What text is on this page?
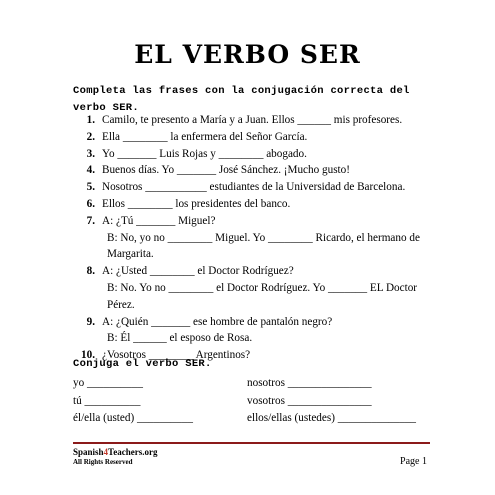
EL VERBO SER
Completa las frases con la conjugación correcta del verbo SER.
1. Camilo, te presento a María y a Juan. Ellos ______ mis profesores.
2. Ella ________ la enfermera del Señor García.
3. Yo _______ Luis Rojas y ________ abogado.
4. Buenos días. Yo _______ José Sánchez. ¡Mucho gusto!
5. Nosotros ___________ estudiantes de la Universidad de Barcelona.
6. Ellos ________ los presidentes del banco.
7. A: ¿Tú _______ Miguel?
B: No, yo no ________ Miguel. Yo ________ Ricardo, el hermano de
Margarita.
8. A: ¿Usted ________ el Doctor Rodríguez?
B: No. Yo no ________ el Doctor Rodríguez. Yo _______ EL Doctor
Pérez.
9. A: ¿Quién _______ ese hombre de pantalón negro?
B: Él ______ el esposo de Rosa.
10. ¿Vosotros ________ Argentinos?
Conjuga el verbo SER.
yo __________	nosotros _______________
tú __________	vosotros _______________
él/ella (usted) __________	ellos/ellas (ustedes) ______________
Spanish4Teachers.org
All Rights Reserved	Page 1
